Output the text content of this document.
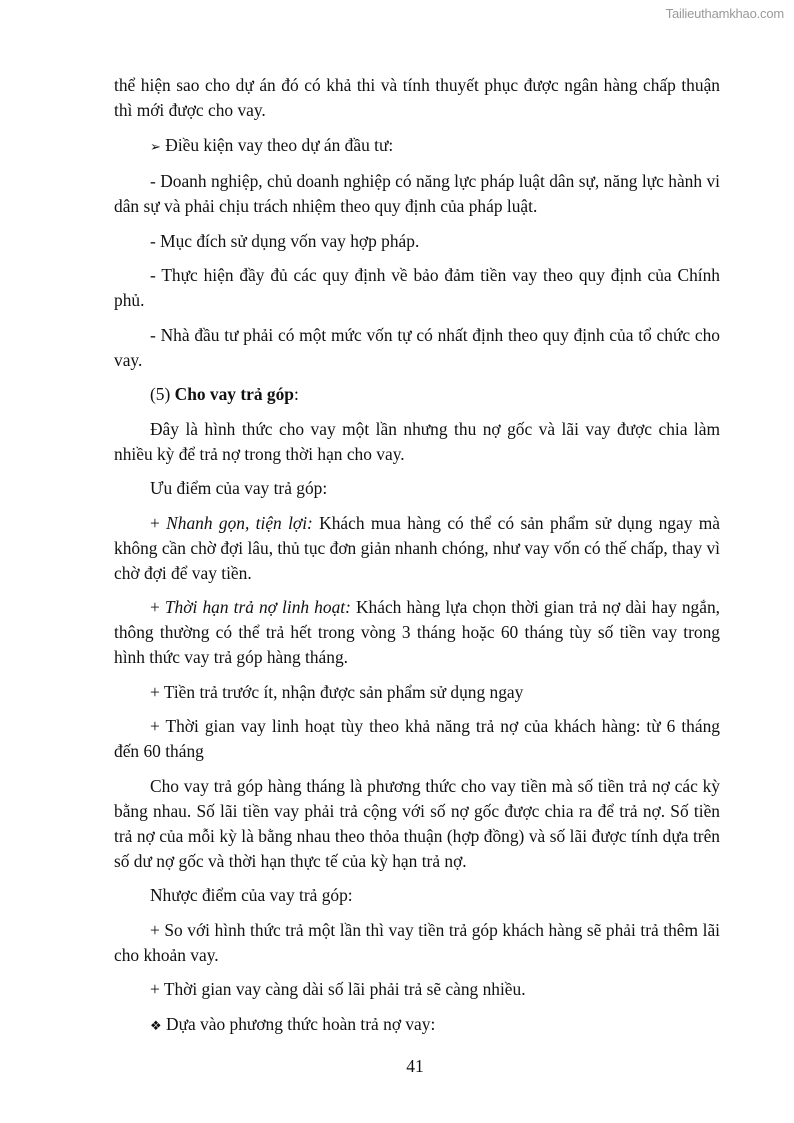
Tailieuthamkhao.com

thể hiện sao cho dự án đó có khả thi và tính thuyết phục được ngân hàng chấp thuận thì mới được cho vay.

➢ Điều kiện vay theo dự án đầu tư:

- Doanh nghiệp, chủ doanh nghiệp có năng lực pháp luật dân sự, năng lực hành vi dân sự và phải chịu trách nhiệm theo quy định của pháp luật.

- Mục đích sử dụng vốn vay hợp pháp.

- Thực hiện đầy đủ các quy định về bảo đảm tiền vay theo quy định của Chính phủ.

- Nhà đầu tư phải có một mức vốn tự có nhất định theo quy định của tổ chức cho vay.

(5) Cho vay trả góp:

Đây là hình thức cho vay một lần nhưng thu nợ gốc và lãi vay được chia làm nhiều kỳ để trả nợ trong thời hạn cho vay.

Ưu điểm của vay trả góp:

+ Nhanh gọn, tiện lợi: Khách mua hàng có thể có sản phẩm sử dụng ngay mà không cần chờ đợi lâu, thủ tục đơn giản nhanh chóng, như vay vốn có thế chấp, thay vì chờ đợi để vay tiền.

+ Thời hạn trả nợ linh hoạt: Khách hàng lựa chọn thời gian trả nợ dài hay ngắn, thông thường có thể trả hết trong vòng 3 tháng hoặc 60 tháng tùy số tiền vay trong hình thức vay trả góp hàng tháng.

+ Tiền trả trước ít, nhận được sản phẩm sử dụng ngay

+ Thời gian vay linh hoạt tùy theo khả năng trả nợ của khách hàng: từ 6 tháng đến 60 tháng

Cho vay trả góp hàng tháng là phương thức cho vay tiền mà số tiền trả nợ các kỳ bằng nhau. Số lãi tiền vay phải trả cộng với số nợ gốc được chia ra để trả nợ. Số tiền trả nợ của mỗi kỳ là bằng nhau theo thỏa thuận (hợp đồng) và số lãi được tính dựa trên số dư nợ gốc và thời hạn thực tế của kỳ hạn trả nợ.

Nhược điểm của vay trả góp:

+ So với hình thức trả một lần thì vay tiền trả góp khách hàng sẽ phải trả thêm lãi cho khoản vay.

+ Thời gian vay càng dài số lãi phải trả sẽ càng nhiều.

❖ Dựa vào phương thức hoàn trả nợ vay:

41
